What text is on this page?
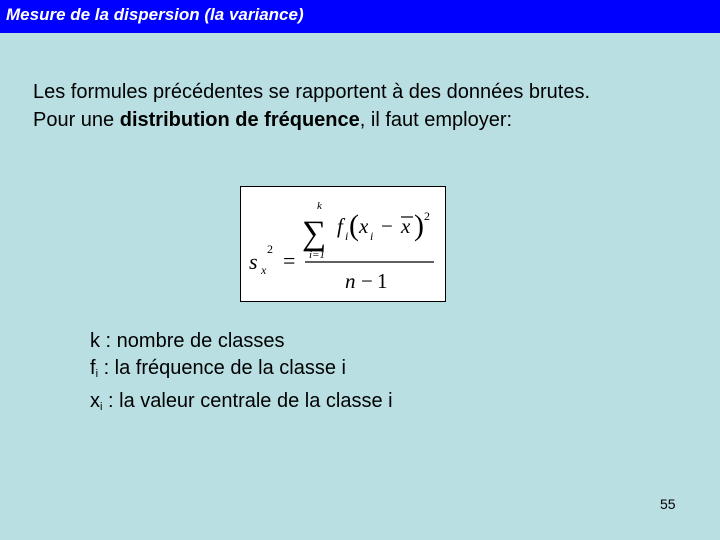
Mesure de la dispersion (la variance)

Les formules précédentes se rapportent à des données brutes.

Pour une distribution de fréquence, il faut employer:

s x
2 =
k
∑
i=1
f i ( x i − x ) 2
n − 1
k : nombre de classes
$f_i$ : la fréquence de la classe i
$x_i$ : la valeur centrale de la classe i
55
